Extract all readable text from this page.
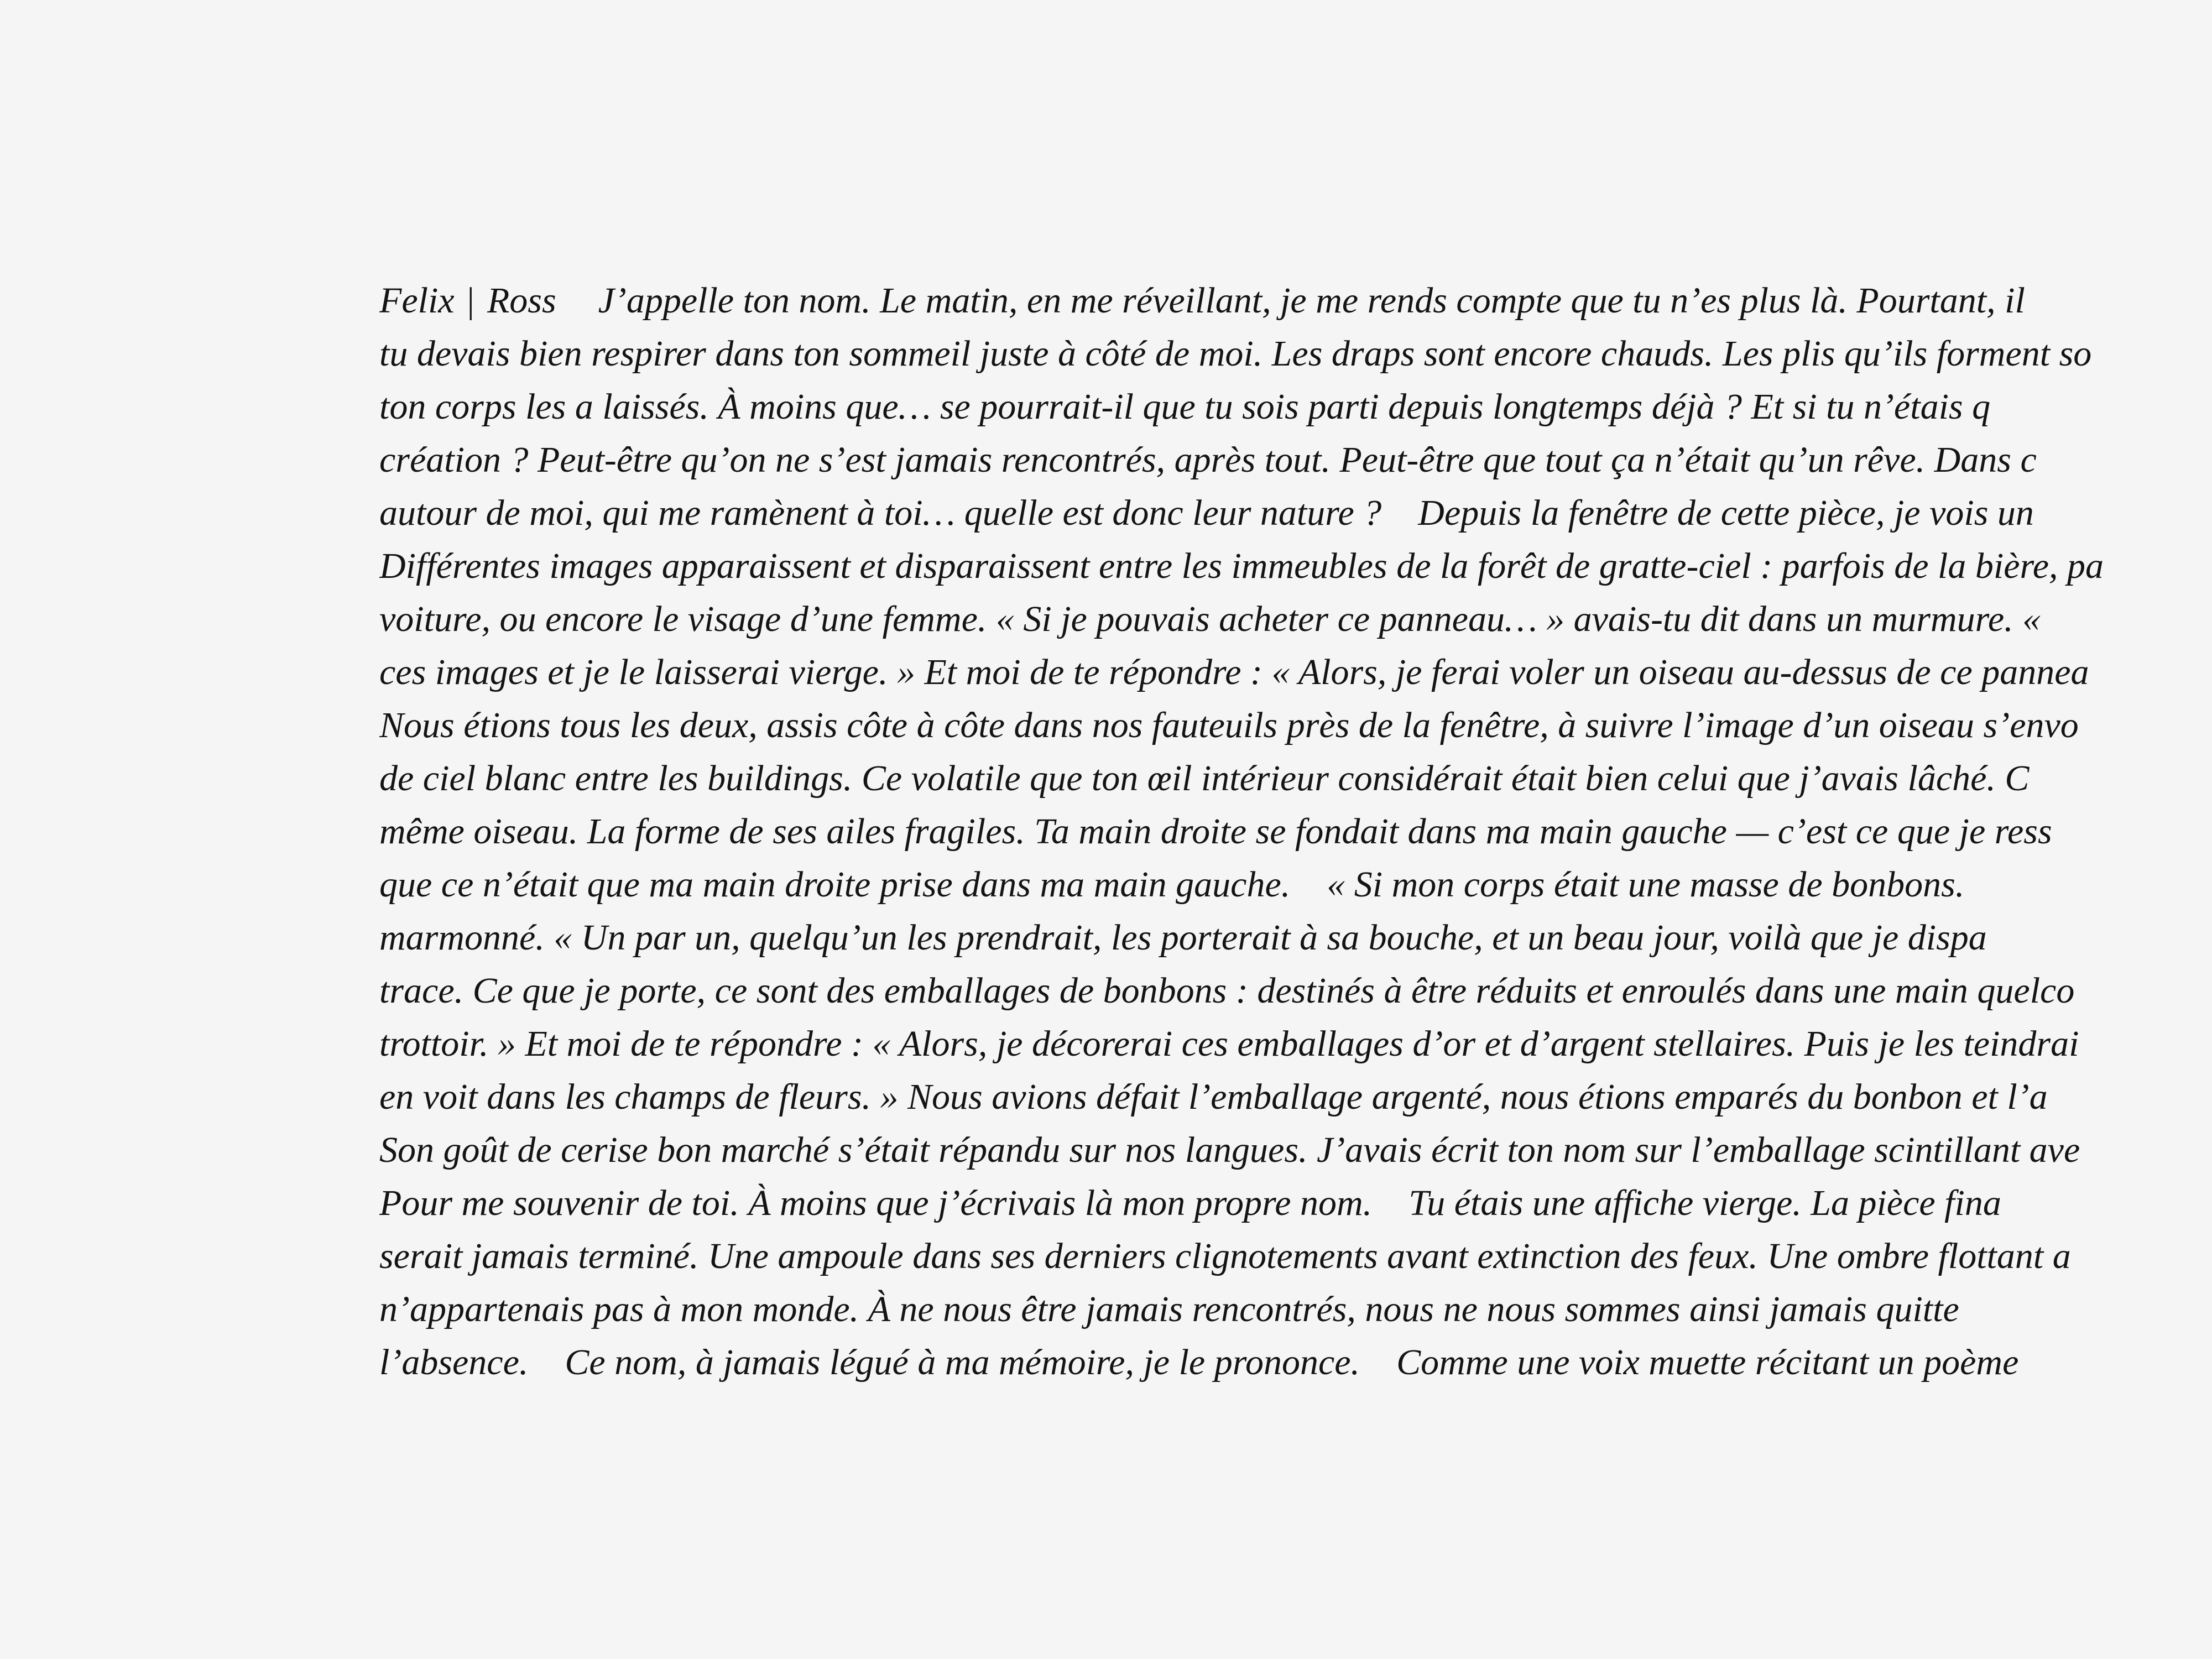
Felix | Ross J’appelle ton nom. Le matin, en me réveillant, je me rends compte que tu n’es plus là. Pourtant, il
tu devais bien respirer dans ton sommeil juste à côté de moi. Les draps sont encore chauds. Les plis qu’ils forment so
ton corps les a laissés. À moins que… se pourrait-il que tu sois parti depuis longtemps déjà ? Et si tu n’étais q
création ? Peut-être qu’on ne s’est jamais rencontrés, après tout. Peut-être que tout ça n’était qu’un rêve. Dans c
autour de moi, qui me ramènent à toi… quelle est donc leur nature ? Depuis la fenêtre de cette pièce, je vois un
Différentes images apparaissent et disparaissent entre les immeubles de la forêt de gratte-ciel : parfois de la bière, pa
voiture, ou encore le visage d’une femme. « Si je pouvais acheter ce panneau… » avais-tu dit dans un murmure. «
ces images et je le laisserai vierge. » Et moi de te répondre : « Alors, je ferai voler un oiseau au-dessus de ce pannea
Nous étions tous les deux, assis côte à côte dans nos fauteuils près de la fenêtre, à suivre l’image d’un oiseau s’envo
de ciel blanc entre les buildings. Ce volatile que ton œil intérieur considérait était bien celui que j’avais lâché. C
même oiseau. La forme de ses ailes fragiles. Ta main droite se fondait dans ma main gauche — c’est ce que je ress
que ce n’était que ma main droite prise dans ma main gauche. « Si mon corps était une masse de bonbons.
marmonné. « Un par un, quelqu’un les prendrait, les porterait à sa bouche, et un beau jour, voilà que je dispa
trace. Ce que je porte, ce sont des emballages de bonbons : destinés à être réduits et enroulés dans une main quelco
trottoir. » Et moi de te répondre : « Alors, je décorerai ces emballages d’or et d’argent stellaires. Puis je les teindrai
en voit dans les champs de fleurs. » Nous avions défait l’emballage argenté, nous étions emparés du bonbon et l’a
Son goût de cerise bon marché s’était répandu sur nos langues. J’avais écrit ton nom sur l’emballage scintillant ave
Pour me souvenir de toi. À moins que j’écrivais là mon propre nom. Tu étais une affiche vierge. La pièce fina
serait jamais terminé. Une ampoule dans ses derniers clignotements avant extinction des feux. Une ombre flottant a
n’appartenais pas à mon monde. À ne nous être jamais rencontrés, nous ne nous sommes ainsi jamais quitte
l’absence. Ce nom, à jamais légué à ma mémoire, je le prononce. Comme une voix muette récitant un poème
